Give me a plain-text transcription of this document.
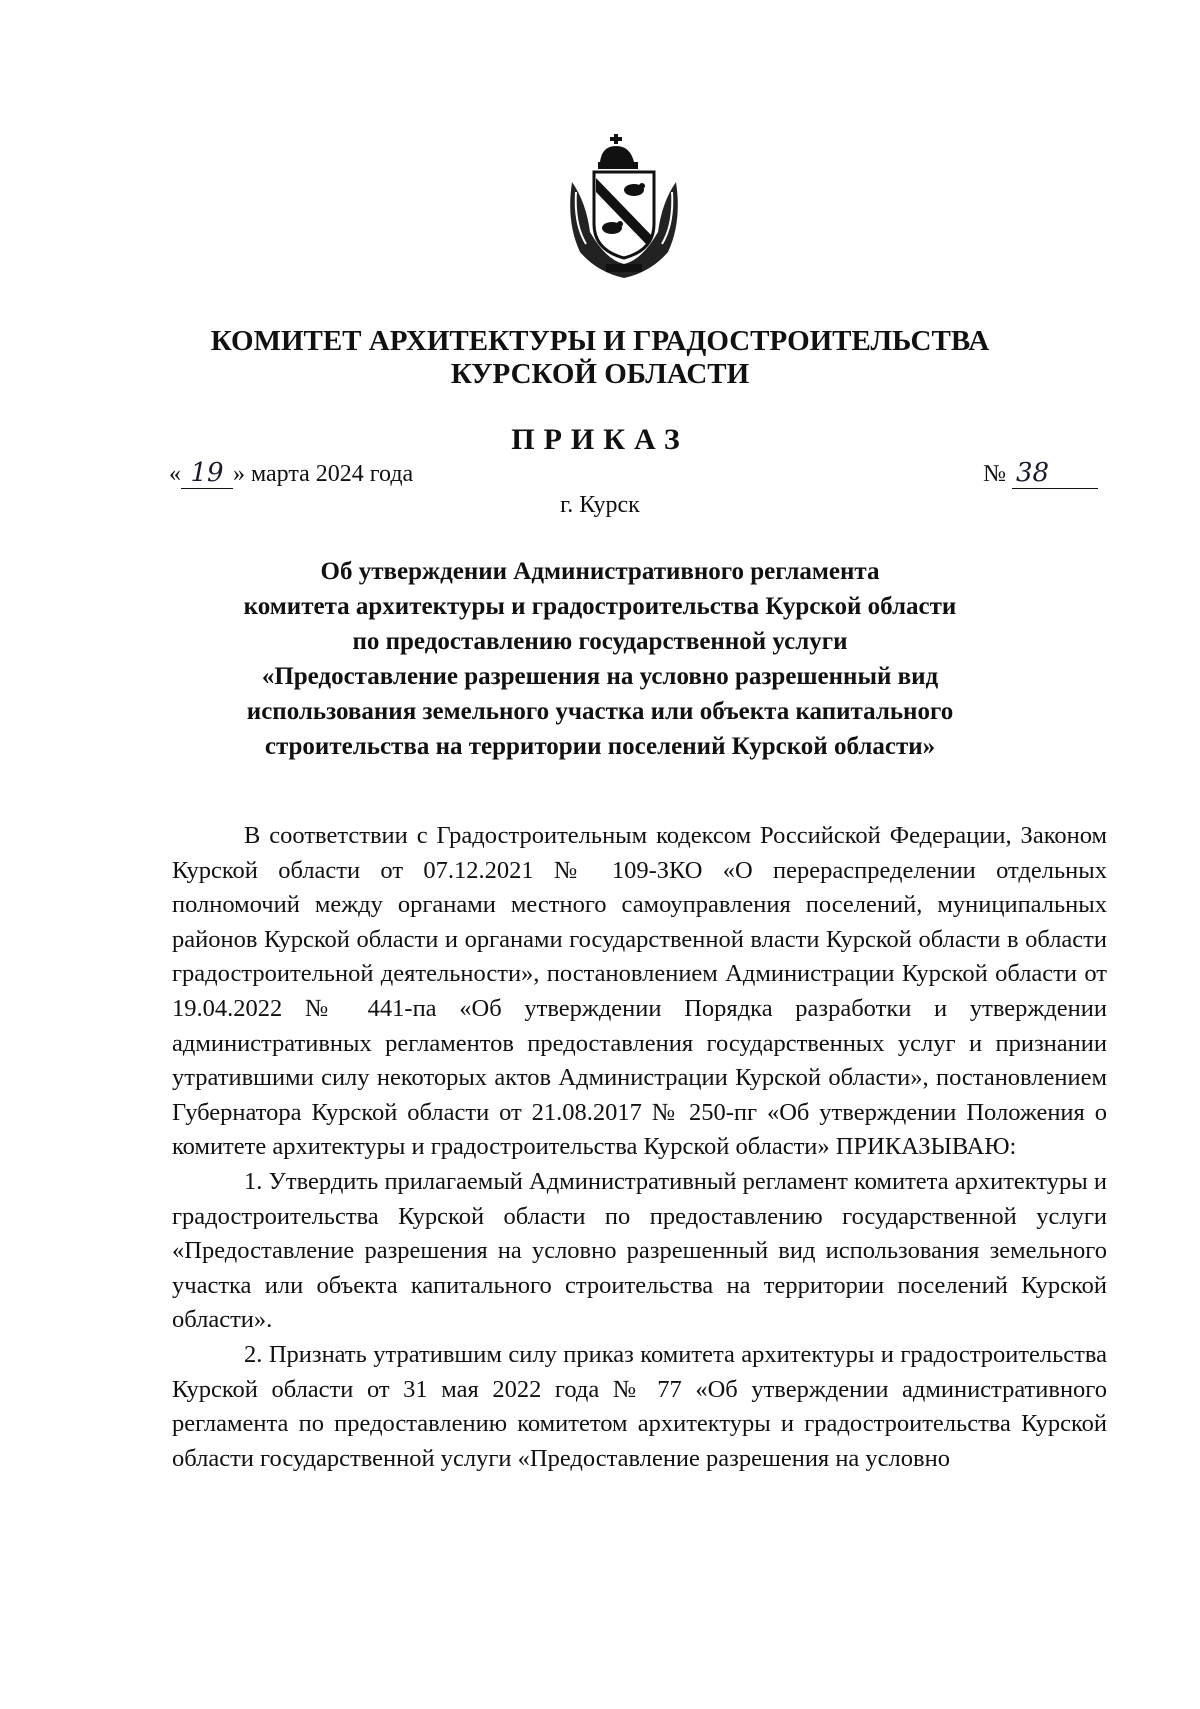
КОМИТЕТ АРХИТЕКТУРЫ И ГРАДОСТРОИТЕЛЬСТВА
КУРСКОЙ ОБЛАСТИ
ПРИКАЗ
« 19 » марта 2024 года	№ 38
г. Курск
Об утверждении Административного регламента
комитета архитектуры и градостроительства Курской области
по предоставлению государственной услуги
«Предоставление разрешения на условно разрешенный вид
использования земельного участка или объекта капитального
строительства на территории поселений Курской области»

В соответствии с Градостроительным кодексом Российской Федерации, Законом Курской области от 07.12.2021 № 109-ЗКО «О перераспределении отдельных полномочий между органами местного самоуправления поселений, муниципальных районов Курской области и органами государственной власти Курской области в области градостроительной деятельности», постановлением Администрации Курской области от 19.04.2022 № 441-па «Об утверждении Порядка разработки и утверждении административных регламентов предоставления государственных услуг и признании утратившими силу некоторых актов Администрации Курской области», постановлением Губернатора Курской области от 21.08.2017 № 250-пг «Об утверждении Положения о комитете архитектуры и градостроительства Курской области» ПРИКАЗЫВАЮ:

1. Утвердить прилагаемый Административный регламент комитета архитектуры и градостроительства Курской области по предоставлению государственной услуги «Предоставление разрешения на условно разрешенный вид использования земельного участка или объекта капитального строительства на территории поселений Курской области».

2. Признать утратившим силу приказ комитета архитектуры и градостроительства Курской области от 31 мая 2022 года № 77 «Об утверждении административного регламента по предоставлению комитетом архитектуры и градостроительства Курской области государственной услуги «Предоставление разрешения на условно
